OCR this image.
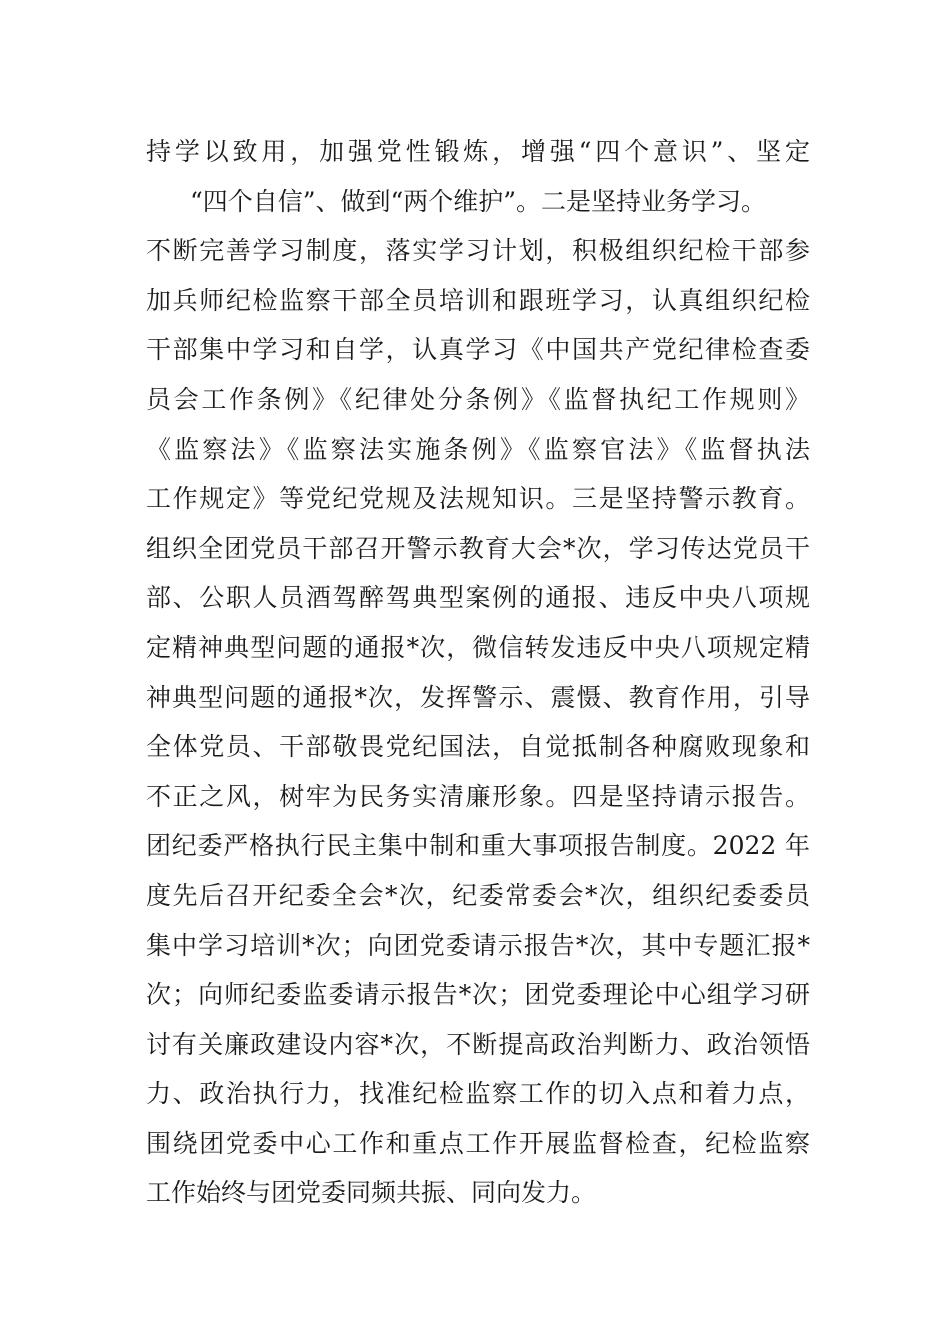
持学以致用，加强党性锻炼，增强“四个意识”、坚定
“四个自信”、做到“两个维护”。二是坚持业务学习。
不断完善学习制度，落实学习计划，积极组织纪检干部参
加兵师纪检监察干部全员培训和跟班学习，认真组织纪检
干部集中学习和自学，认真学习《中国共产党纪律检查委
员会工作条例》《纪律处分条例》《监督执纪工作规则》
《监察法》《监察法实施条例》《监察官法》《监督执法
工作规定》等党纪党规及法规知识。三是坚持警示教育。
组织全团党员干部召开警示教育大会*次，学习传达党员干
部、公职人员酒驾醉驾典型案例的通报、违反中央八项规
定精神典型问题的通报*次，微信转发违反中央八项规定精
神典型问题的通报*次，发挥警示、震慑、教育作用，引导
全体党员、干部敬畏党纪国法，自觉抵制各种腐败现象和
不正之风，树牢为民务实清廉形象。四是坚持请示报告。
团纪委严格执行民主集中制和重大事项报告制度。2022 年
度先后召开纪委全会*次，纪委常委会*次，组织纪委委员
集中学习培训*次；向团党委请示报告*次，其中专题汇报*
次；向师纪委监委请示报告*次；团党委理论中心组学习研
讨有关廉政建设内容*次，不断提高政治判断力、政治领悟
力、政治执行力，找准纪检监察工作的切入点和着力点，
围绕团党委中心工作和重点工作开展监督检查，纪检监察
工作始终与团党委同频共振、同向发力。
